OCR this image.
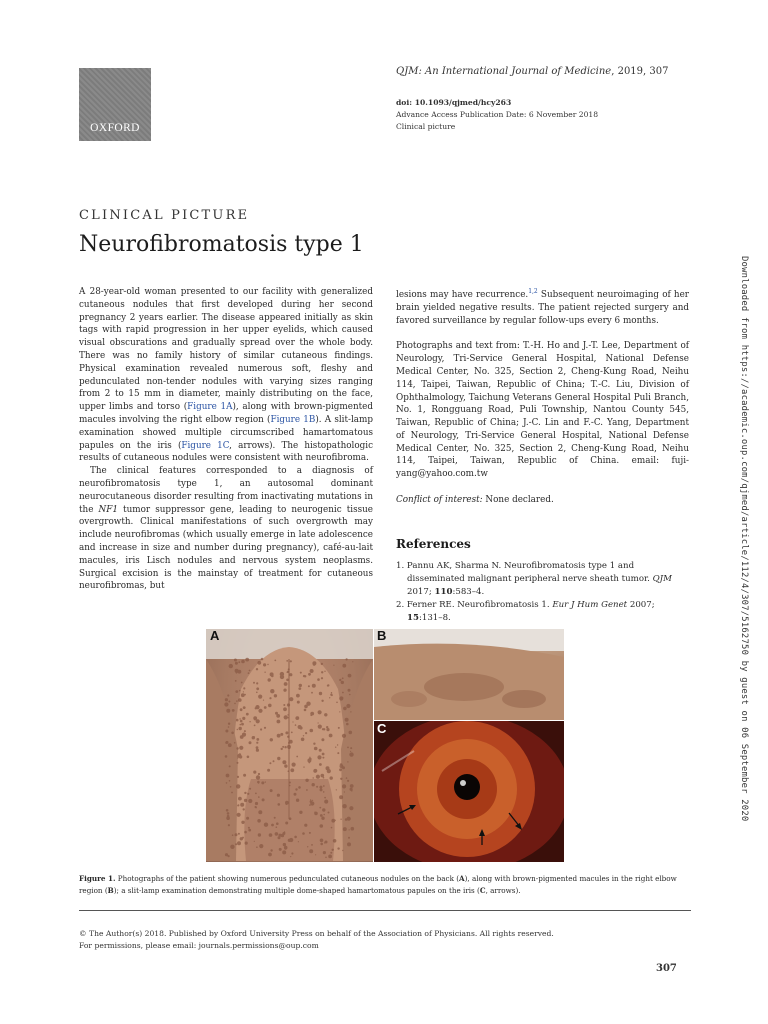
OXFORD
QJM: An International Journal of Medicine, 2019, 307
doi: 10.1093/qjmed/hcy263
Advance Access Publication Date: 6 November 2018
Clinical picture
CLINICAL PICTURE
Neurofibromatosis type 1

A 28-year-old woman presented to our facility with generalized cutaneous nodules that first developed during her second pregnancy 2 years earlier. The disease appeared initially as skin tags with rapid progression in her upper eyelids, which caused visual obscurations and gradually spread over the whole body. There was no family history of similar cutaneous findings. Physical examination revealed numerous soft, fleshy and pedunculated non-tender nodules with varying sizes ranging from 2 to 15 mm in diameter, mainly distributing on the face, upper limbs and torso (Figure 1A), along with brown-pigmented macules involving the right elbow region (Figure 1B). A slit-lamp examination showed multiple circumscribed hamartomatous papules on the iris (Figure 1C, arrows). The histopathologic results of cutaneous nodules were consistent with neurofibroma.

The clinical features corresponded to a diagnosis of neurofibromatosis type 1, an autosomal dominant neurocutaneous disorder resulting from inactivating mutations in the NF1 tumor suppressor gene, leading to neurogenic tissue overgrowth. Clinical manifestations of such overgrowth may include neurofibromas (which usually emerge in late adolescence and increase in size and number during pregnancy), café-au-lait macules, iris Lisch nodules and nervous system neoplasms. Surgical excision is the mainstay of treatment for cutaneous neurofibromas, but

lesions may have recurrence.$^{1,2}$ Subsequent neuroimaging of her brain yielded negative results. The patient rejected surgery and favored surveillance by regular follow-ups every 6 months.

Photographs and text from: T.-H. Ho and J.-T. Lee, Department of Neurology, Tri-Service General Hospital, National Defense Medical Center, No. 325, Section 2, Cheng-Kung Road, Neihu 114, Taipei, Taiwan, Republic of China; T.-C. Liu, Division of Ophthalmology, Taichung Veterans General Hospital Puli Branch, No. 1, Rongguang Road, Puli Township, Nantou County 545, Taiwan, Republic of China; J.-C. Lin and F.-C. Yang, Department of Neurology, Tri-Service General Hospital, National Defense Medical Center, No. 325, Section 2, Cheng-Kung Road, Neihu 114, Taipei, Taiwan, Republic of China. email: fuji-yang@yahoo.com.tw

Conflict of interest: None declared.

References
1. Pannu AK, Sharma N. Neurofibromatosis type 1 and disseminated malignant peripheral nerve sheath tumor. QJM 2017; 110:583–4.
2. Ferner RE. Neurofibromatosis 1. Eur J Hum Genet 2007; 15:131–8.	Downloaded from https://academic.oup.com/qjmed/article/112/4/307/5162750 by guest on 06 September 2020
A	B
C
Figure 1. Photographs of the patient showing numerous pedunculated cutaneous nodules on the back (A), along with brown-pigmented macules in the right elbow region (B); a slit-lamp examination demonstrating multiple dome-shaped hamartomatous papules on the iris (C, arrows).
© The Author(s) 2018. Published by Oxford University Press on behalf of the Association of Physicians. All rights reserved.
For permissions, please email: journals.permissions@oup.com
307
